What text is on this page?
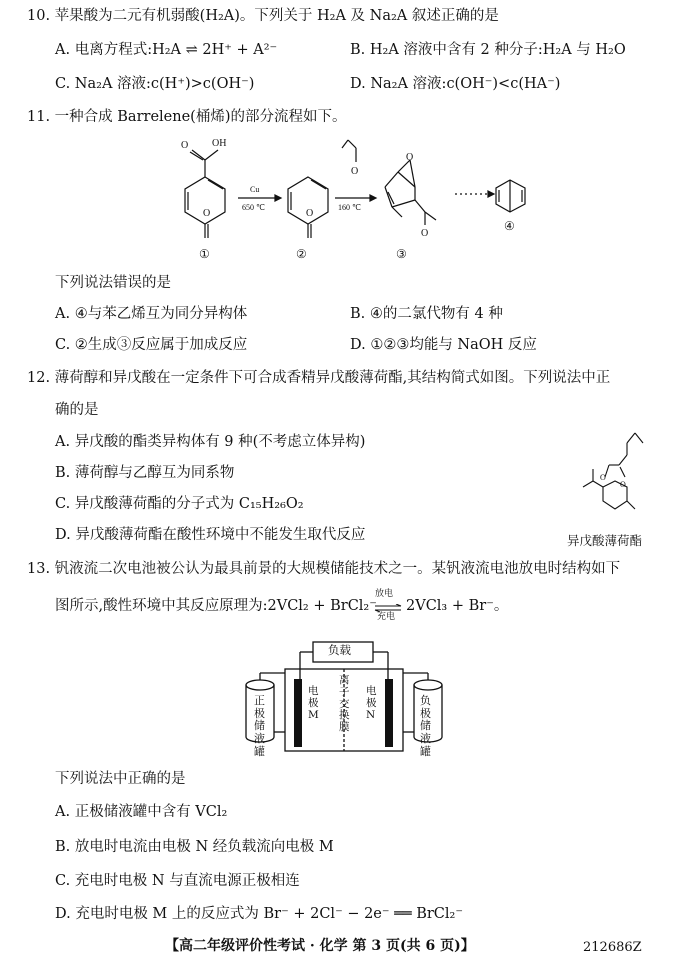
10. 苹果酸为二元有机弱酸(H₂A)。下列关于 H₂A 及 Na₂A 叙述正确的是
A. 电离方程式:H₂A ⇌ 2H⁺ + A²⁻	B. H₂A 溶液中含有 2 种分子:H₂A 与 H₂O
C. Na₂A 溶液:c(H⁺)>c(OH⁻)	D. Na₂A 溶液:c(OH⁻)<c(HA⁻)
11. 一种合成 Barrelene(桶烯)的部分流程如下。
OH
O
O	O
O
O
O
Cu
650 ℃	160 ℃
①	②	③
④
下列说法错误的是
A. ④与苯乙烯互为同分异构体	B. ④的二氯代物有 4 种
C. ②生成③反应属于加成反应	D. ①②③均能与 NaOH 反应
12. 薄荷醇和异戊酸在一定条件下可合成香精异戊酸薄荷酯,其结构简式如图。下列说法中正
确的是
A. 异戊酸的酯类异构体有 9 种(不考虑立体异构)
B. 薄荷醇与乙醇互为同系物
C. 异戊酸薄荷酯的分子式为 C₁₅H₂₆O₂
D. 异戊酸薄荷酯在酸性环境中不能发生取代反应
O
O
异戊酸薄荷酯
13. 钒液流二次电池被公认为最具前景的大规模储能技术之一。某钒液流电池放电时结构如下
图所示,酸性环境中其反应原理为:2VCl₂ + BrCl₂⁻
放电
充电
2VCl₃ + Br⁻。
负载
正极储液罐
负极储液罐
电极M
电极N
离子交换膜
下列说法中正确的是
A. 正极储液罐中含有 VCl₂
B. 放电时电流由电极 N 经负载流向电极 M
C. 充电时电极 N 与直流电源正极相连
D. 充电时电极 M 上的反应式为 Br⁻ + 2Cl⁻ − 2e⁻ ══ BrCl₂⁻
【高二年级评价性考试 · 化学 第 3 页(共 6 页)】	212686Z
